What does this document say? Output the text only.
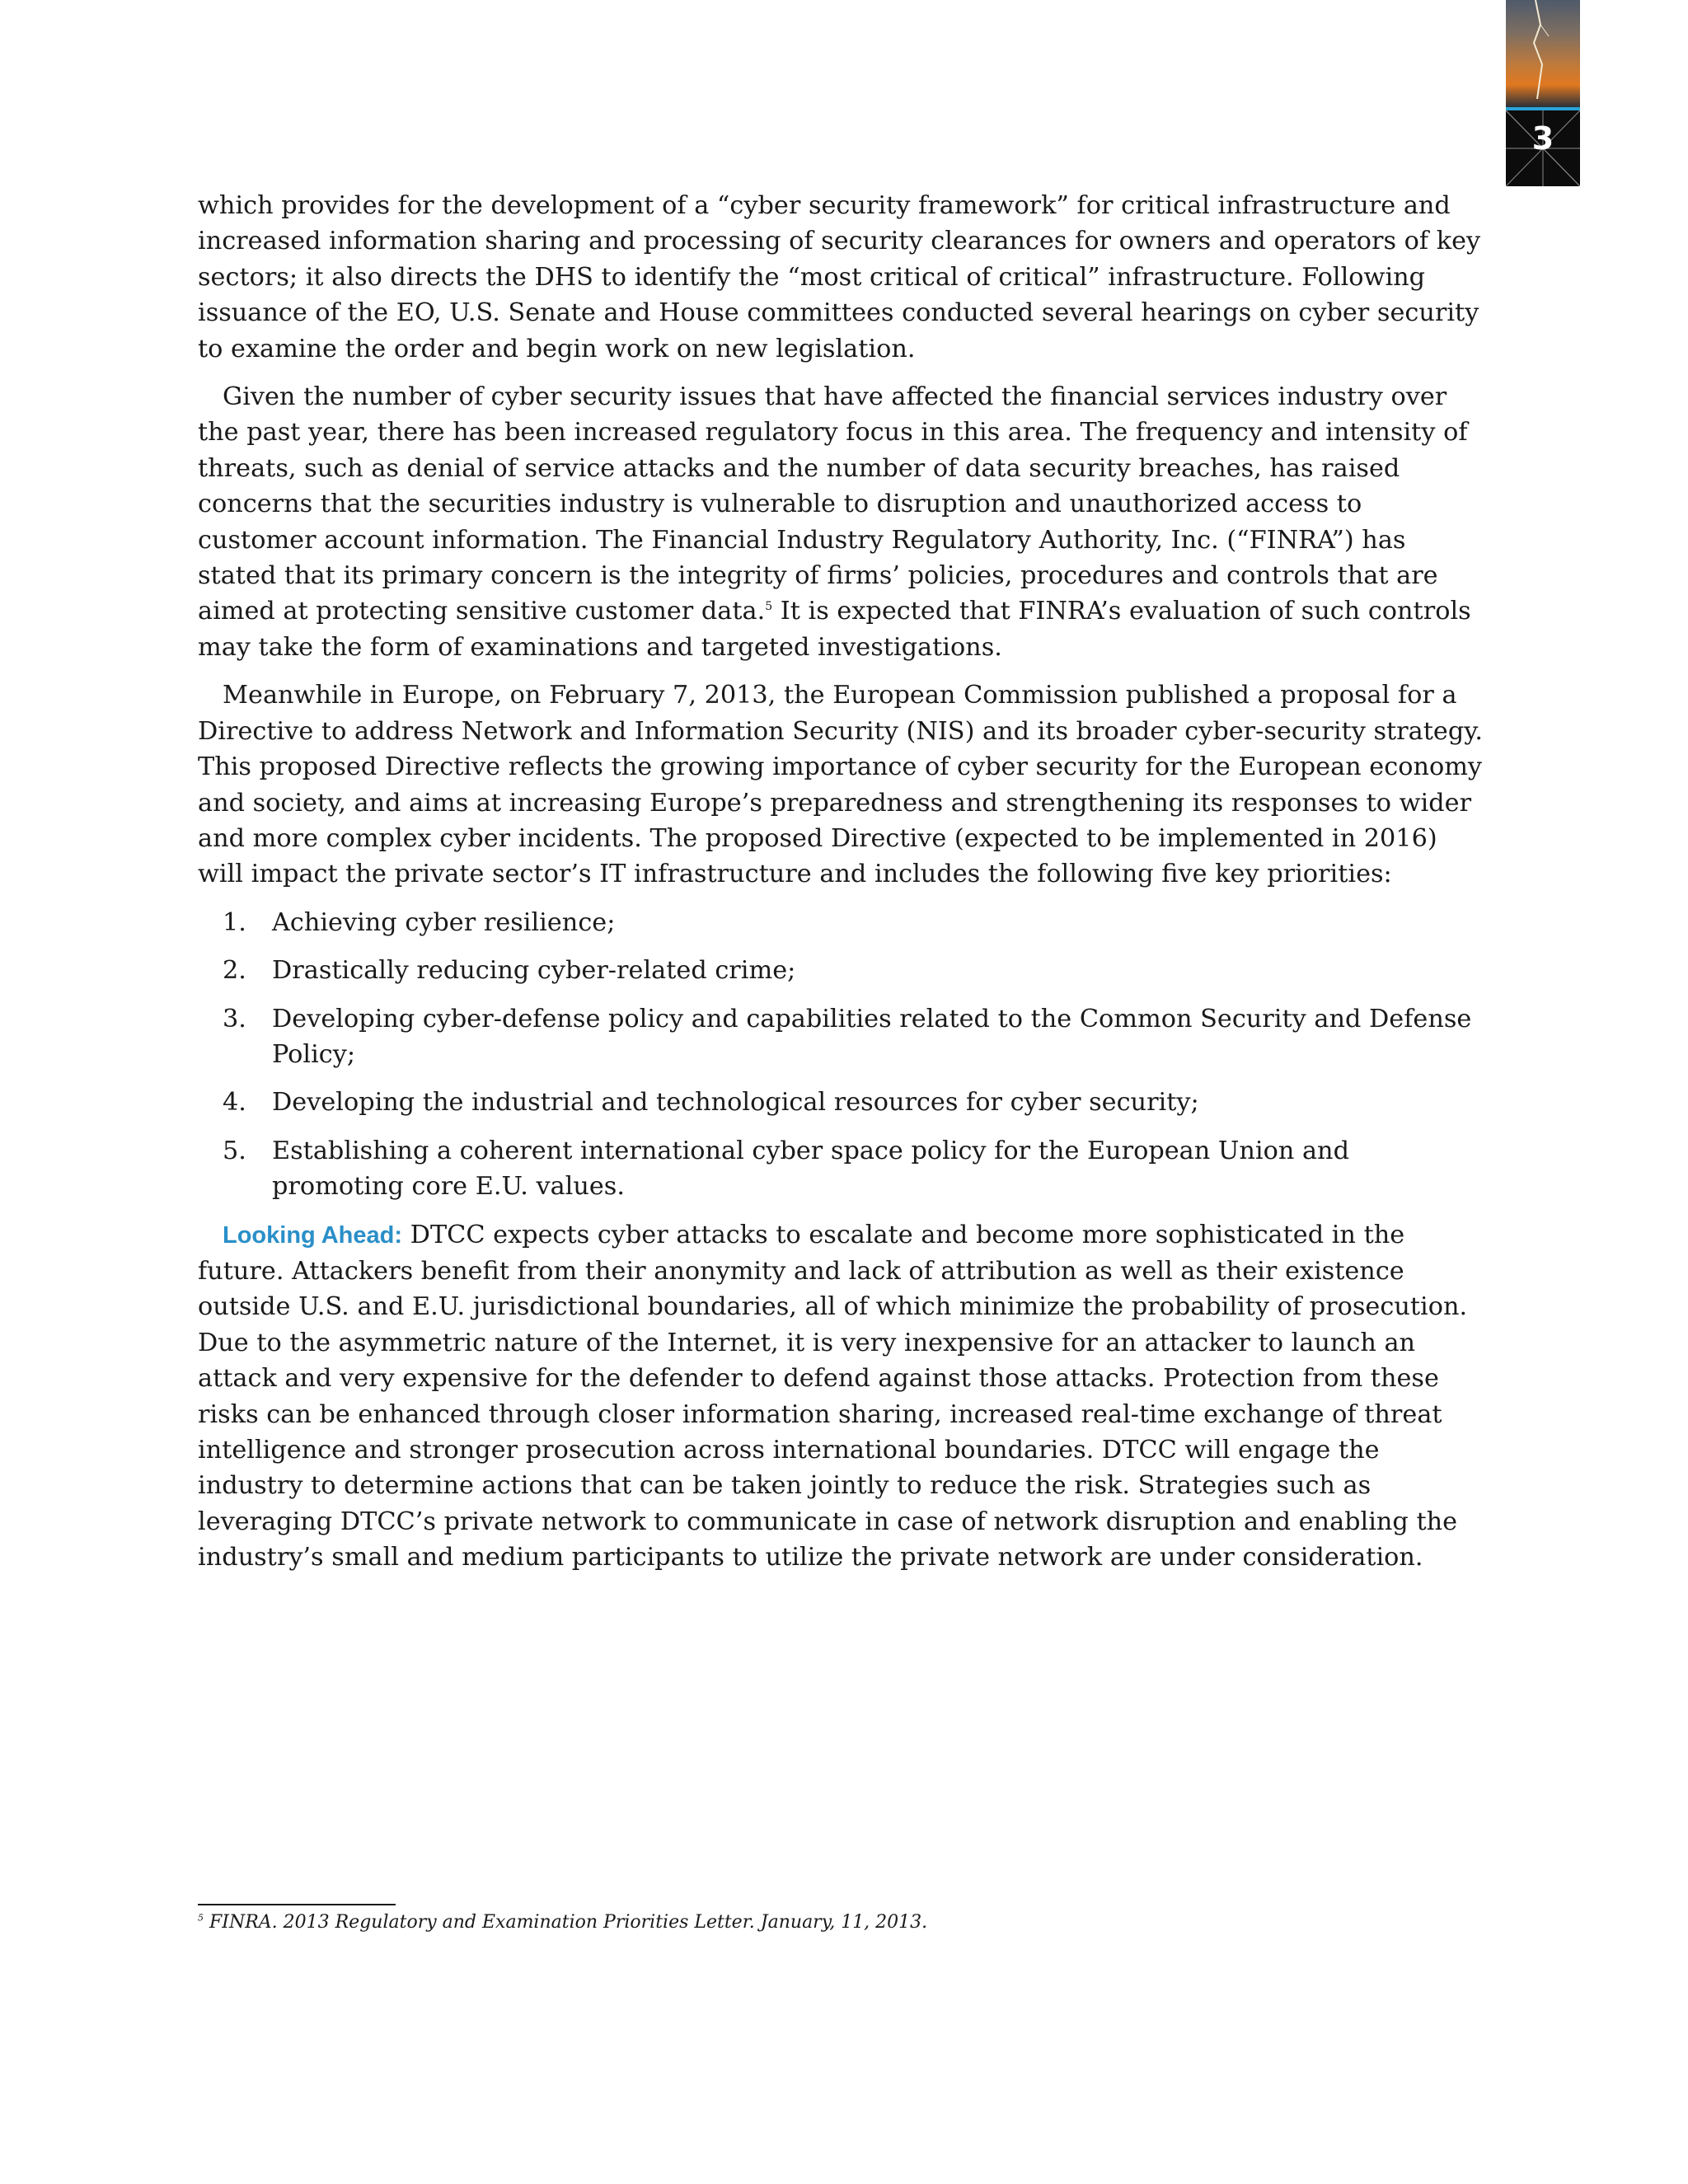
3

which provides for the development of a “cyber security framework” for critical infrastructure and increased information sharing and processing of security clearances for owners and operators of key sectors; it also directs the DHS to identify the “most critical of critical” infrastructure. Following issuance of the EO, U.S. Senate and House committees conducted several hearings on cyber security to examine the order and begin work on new legislation.

Given the number of cyber security issues that have affected the financial services industry over the past year, there has been increased regulatory focus in this area. The frequency and intensity of threats, such as denial of service attacks and the number of data security breaches, has raised concerns that the securities industry is vulnerable to disruption and unauthorized access to customer account information. The Financial Industry Regulatory Authority, Inc. (“FINRA”) has stated that its primary concern is the integrity of firms’ policies, procedures and controls that are aimed at protecting sensitive customer data.$^5$ It is expected that FINRA’s evaluation of such controls may take the form of examinations and targeted investigations.

Meanwhile in Europe, on February 7, 2013, the European Commission published a proposal for a Directive to address Network and Information Security (NIS) and its broader cyber-security strategy. This proposed Directive reflects the growing importance of cyber security for the European economy and society, and aims at increasing Europe’s preparedness and strengthening its responses to wider and more complex cyber incidents. The proposed Directive (expected to be implemented in 2016) will impact the private sector’s IT infrastructure and includes the following five key priorities:

1. Achieving cyber resilience;
2. Drastically reducing cyber-related crime;
3. Developing cyber-defense policy and capabilities related to the Common Security and Defense Policy;
4. Developing the industrial and technological resources for cyber security;
5. Establishing a coherent international cyber space policy for the European Union and promoting core E.U. values.

Looking Ahead: DTCC expects cyber attacks to escalate and become more sophisticated in the future. Attackers benefit from their anonymity and lack of attribution as well as their existence outside U.S. and E.U. jurisdictional boundaries, all of which minimize the probability of prosecution. Due to the asymmetric nature of the Internet, it is very inexpensive for an attacker to launch an attack and very expensive for the defender to defend against those attacks. Protection from these risks can be enhanced through closer information sharing, increased real-time exchange of threat intelligence and stronger prosecution across international boundaries. DTCC will engage the industry to determine actions that can be taken jointly to reduce the risk. Strategies such as leveraging DTCC’s private network to communicate in case of network disruption and enabling the industry’s small and medium participants to utilize the private network are under consideration.

$^5$ FINRA. 2013 Regulatory and Examination Priorities Letter. January, 11, 2013.
